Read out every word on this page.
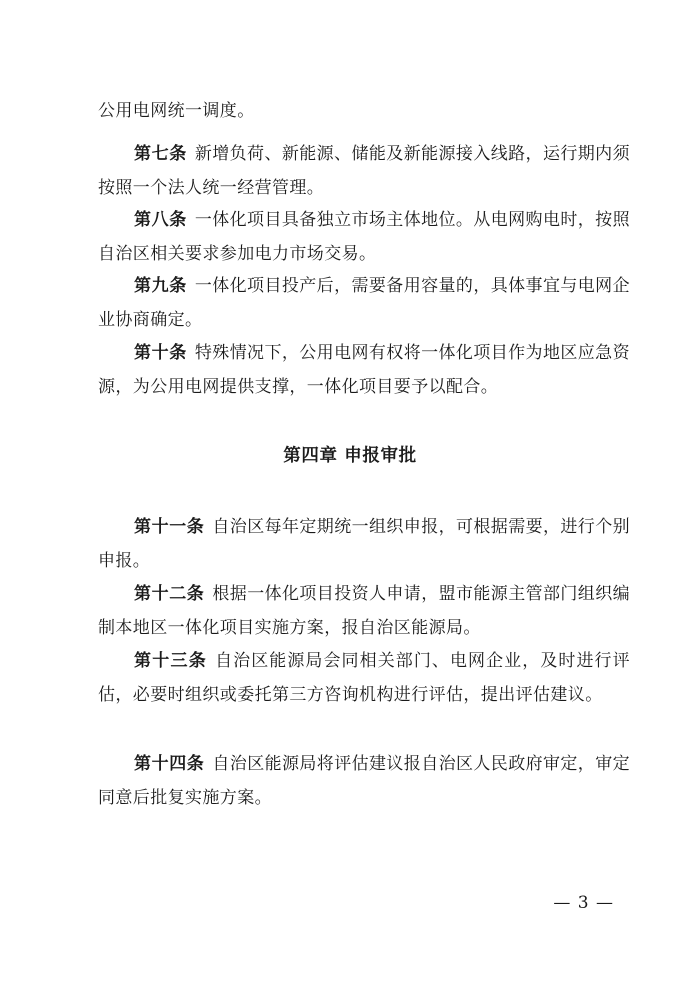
公用电网统一调度。

第七条 新增负荷、新能源、储能及新能源接入线路，运行期内须按照一个法人统一经营管理。

第八条 一体化项目具备独立市场主体地位。从电网购电时，按照自治区相关要求参加电力市场交易。

第九条 一体化项目投产后，需要备用容量的，具体事宜与电网企业协商确定。

第十条 特殊情况下，公用电网有权将一体化项目作为地区应急资源，为公用电网提供支撑，一体化项目要予以配合。

第四章 申报审批

第十一条 自治区每年定期统一组织申报，可根据需要，进行个别申报。

第十二条 根据一体化项目投资人申请，盟市能源主管部门组织编制本地区一体化项目实施方案，报自治区能源局。

第十三条 自治区能源局会同相关部门、电网企业，及时进行评估，必要时组织或委托第三方咨询机构进行评估，提出评估建议。

第十四条 自治区能源局将评估建议报自治区人民政府审定，审定同意后批复实施方案。

— 3 —
